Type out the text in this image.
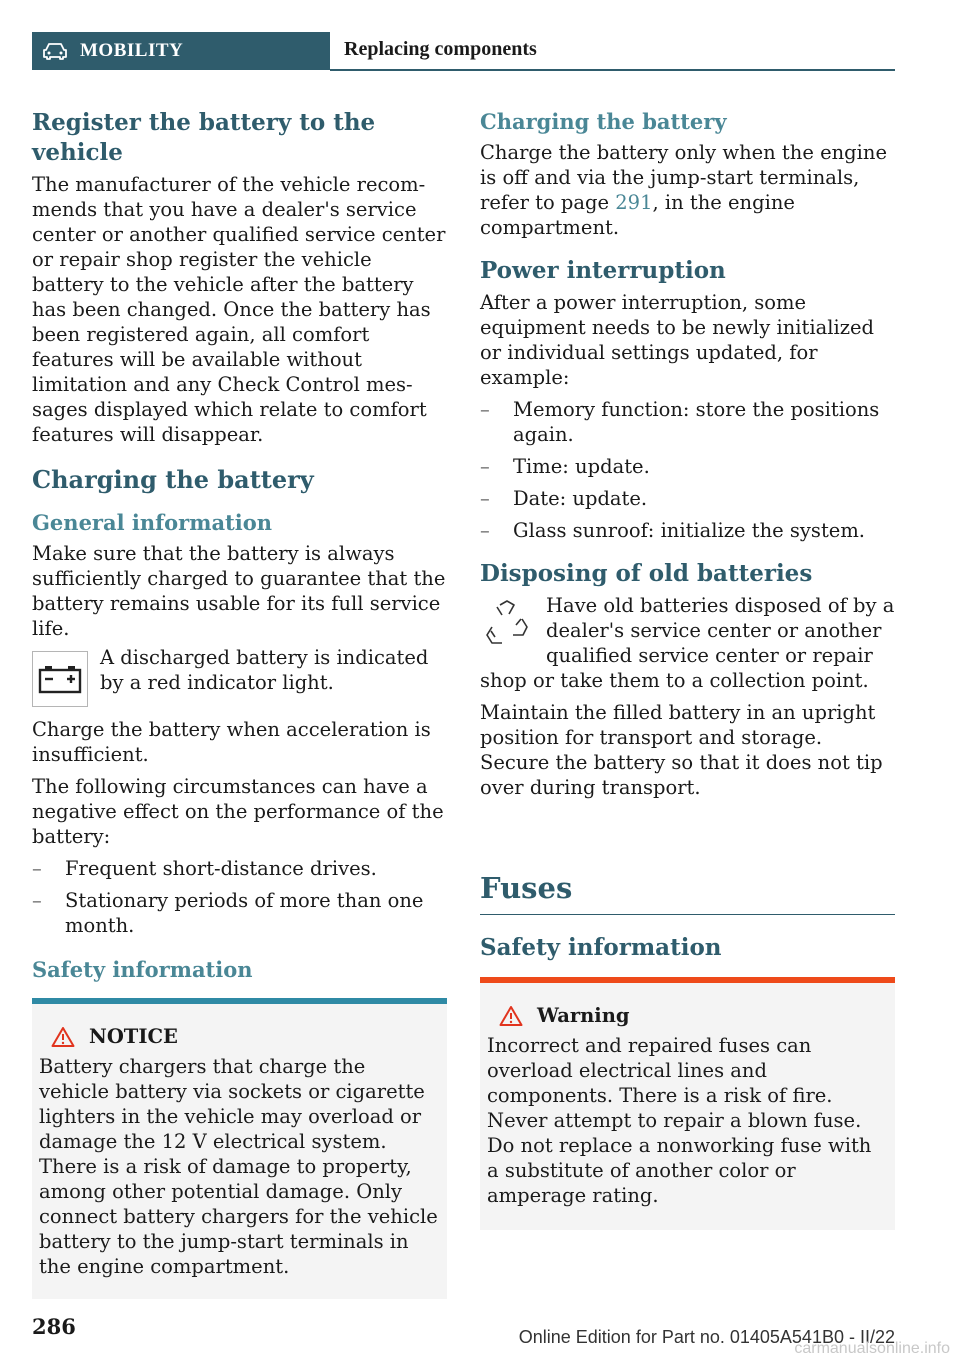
MOBILITY	Replacing components
Register the battery to the vehicle

The manufacturer of the vehicle recommends that you have a dealer's service center or another qualified service center or repair shop register the vehicle battery to the vehicle after the battery has been changed. Once the battery has been registered again, all comfort features will be available without limitation and any Check Control messages displayed which relate to comfort features will disappear.

Charging the battery
General information

Make sure that the battery is always sufficiently charged to guarantee that the battery remains usable for its full service life.

A discharged battery is indicated by a red indicator light.

Charge the battery when acceleration is insufficient.

The following circumstances can have a negative effect on the performance of the battery:

– Frequent short-distance drives.
– Stationary periods of more than one month.
Safety information
NOTICE

Battery chargers that charge the vehicle battery via sockets or cigarette lighters in the vehicle may overload or damage the 12 V electrical system. There is a risk of damage to property, among other potential damage. Only connect battery chargers for the vehicle battery to the jump-start terminals in the engine compartment.

Charging the battery

Charge the battery only when the engine is off and via the jump-start terminals, refer to page 291, in the engine compartment.

Power interruption

After a power interruption, some equipment needs to be newly initialized or individual settings updated, for example:

– Memory function: store the positions again.
– Time: update.
– Date: update.
– Glass sunroof: initialize the system.
Disposing of old batteries

Have old batteries disposed of by a dealer's service center or another qualified service center or repair shop or take them to a collection point.

Maintain the filled battery in an upright position for transport and storage. Secure the battery so that it does not tip over during transport.

Fuses
Safety information
Warning

Incorrect and repaired fuses can overload electrical lines and components. There is a risk of fire. Never attempt to repair a blown fuse. Do not replace a nonworking fuse with a substitute of another color or amperage rating.

286	Online Edition for Part no. 01405A541B0 - II/22
carmanualsonline.info
